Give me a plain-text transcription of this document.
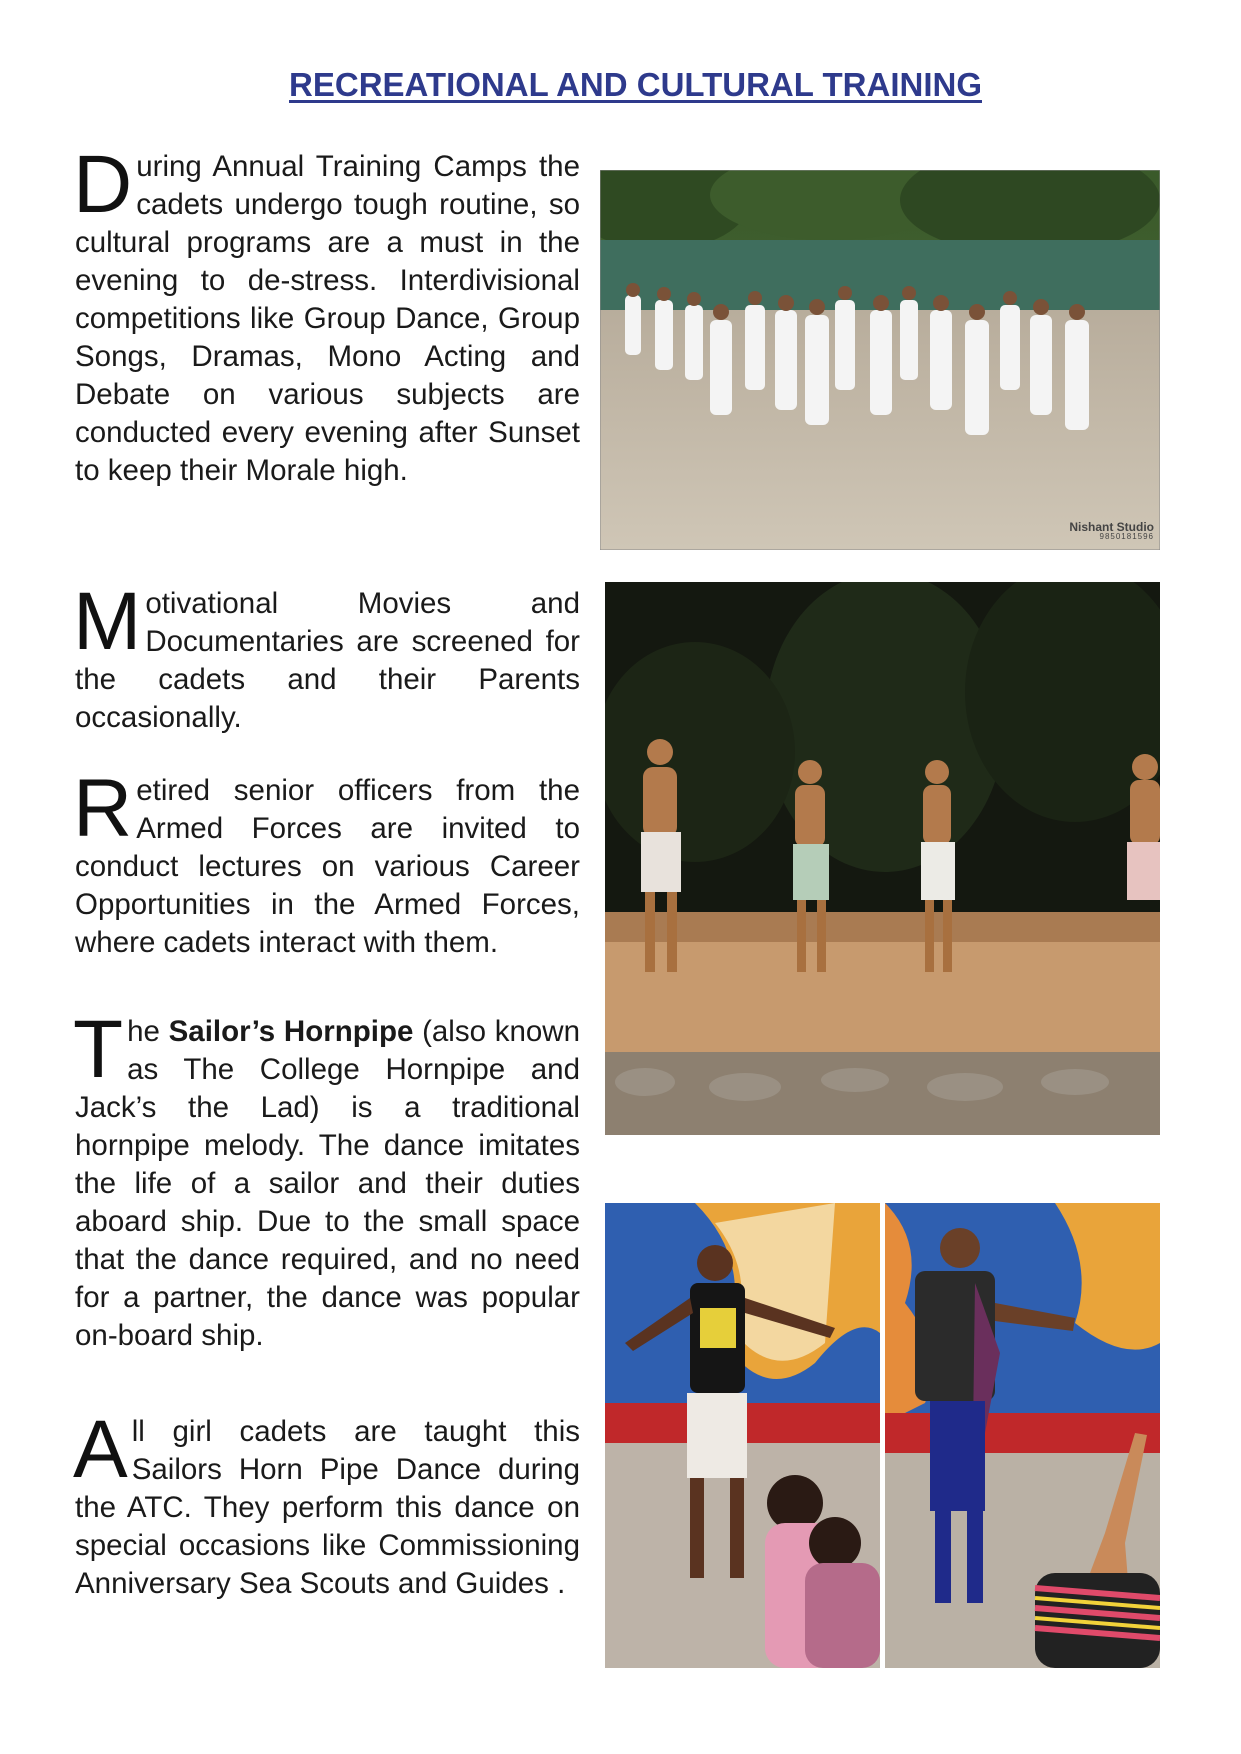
RECREATIONAL AND CULTURAL TRAINING

During Annual Training Camps the cadets undergo tough routine, so cultural programs are a must in the evening to de-stress. Interdivisional competitions like Group Dance, Group Songs, Dramas, Mono Acting and Debate on various subjects are conducted every evening after Sunset to keep their Morale high.

Motivational Movies and Documentaries are screened for the cadets and their Parents occasionally.

Retired senior officers from the Armed Forces are invited to conduct lectures on various Career Opportunities in the Armed Forces, where cadets interact with them.

The Sailor’s Hornpipe (also known as The College Hornpipe and Jack’s the Lad) is a traditional hornpipe melody. The dance imitates the life of a sailor and their duties aboard ship. Due to the small space that the dance required, and no need for a partner, the dance was popular on-board ship.

All girl cadets are taught this Sailors Horn Pipe Dance during the ATC. They perform this dance on special occasions like Commissioning Anniversary Sea Scouts and Guides .

Nishant Studio
9850181596
